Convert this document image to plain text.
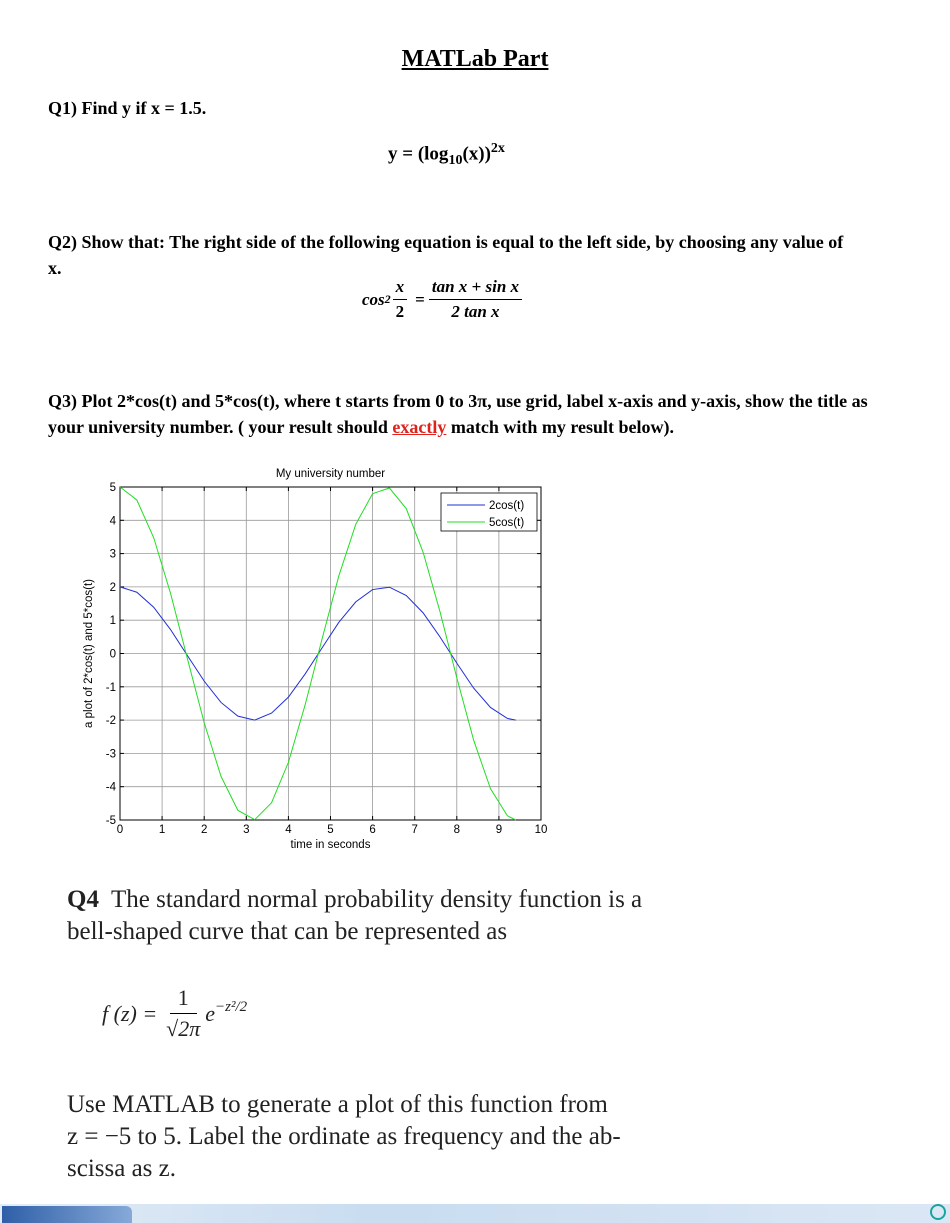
MATLab Part
Q1) Find y if x = 1.5.
$y = (\log_{10}(x))^{2x}$
Q2) Show that: The right side of the following equation is equal to the left side, by choosing any value of x.
$\cos 2 \frac{x}{2} = \frac{\text{tan x + sin x}}{\text{2 tan x}}$
Q3) Plot 2*cos(t) and 5*cos(t), where t starts from 0 to 3π, use grid, label x-axis and y-axis, show the title as your university number. ( your result should exactly match with my result below).
0	1	2	3	4	5	6	7	8	9	10
-5
-4
-3
-2
-1
0
1
2
3
4
5
My university number
time in seconds
a plot of 2*cos(t) and 5*cos(t)
2cos(t)
5cos(t)
Q4 The standard normal probability density function is a
bell-shaped curve that can be represented as
f $(z) = \frac{1}{√2\pi} e^{-z^2/2}$
Use MATLAB to generate a plot of this function from
z = −5 to 5. Label the ordinate as frequency and the ab-
scissa as z.
